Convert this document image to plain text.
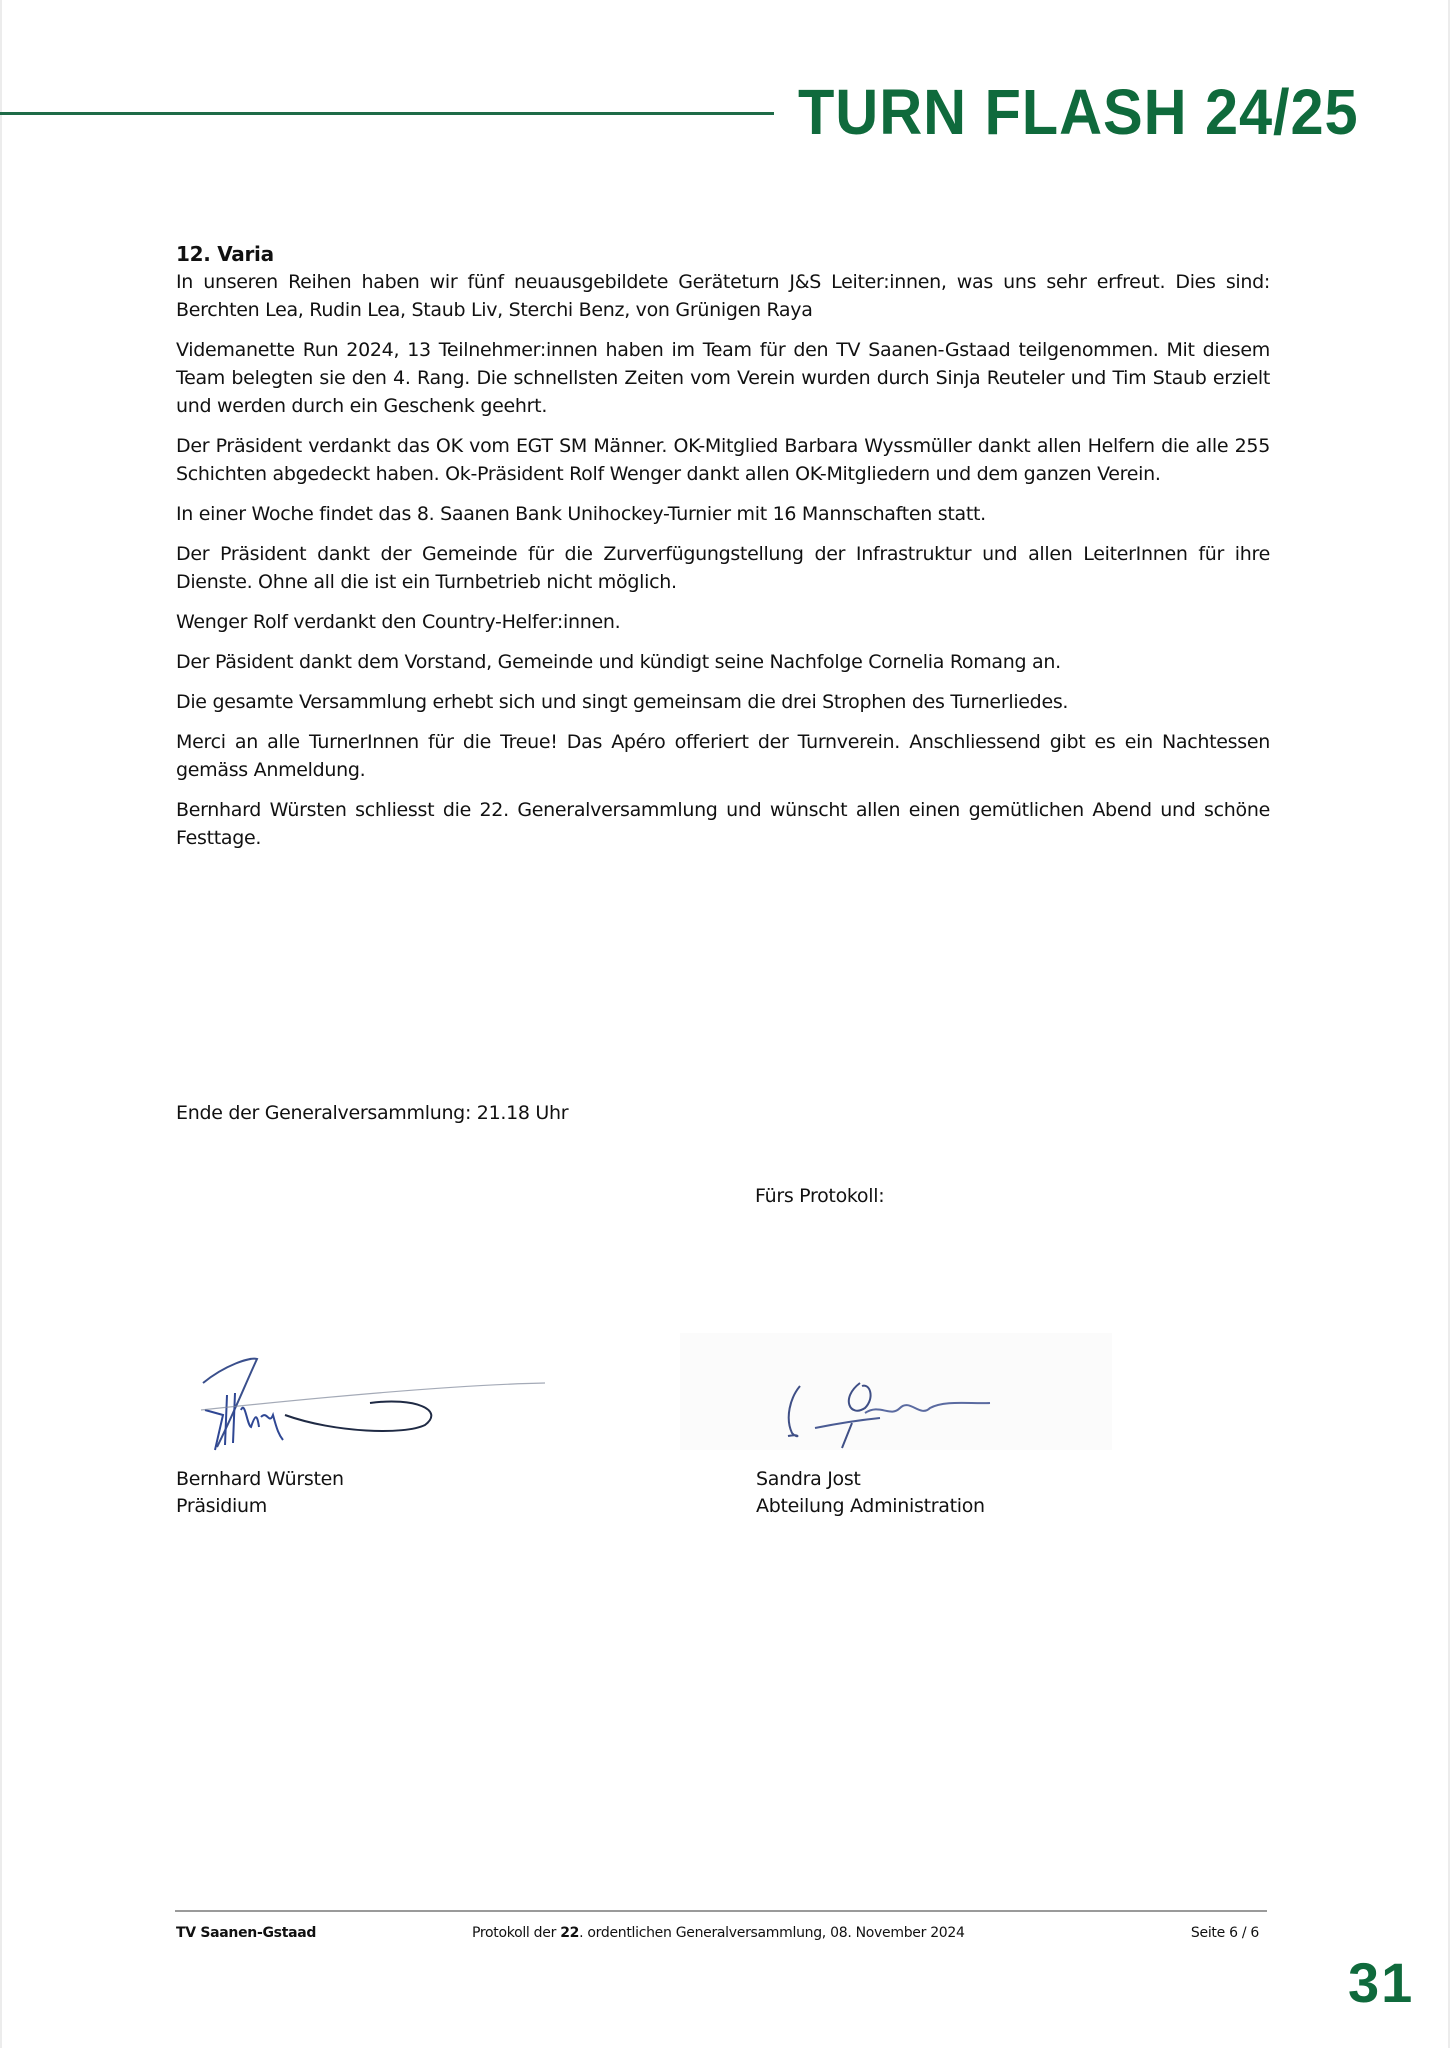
TURN FLASH 24/25

12. Varia

In unseren Reihen haben wir fünf neuausgebildete Geräteturn J&S Leiter:innen, was uns sehr erfreut. Dies sind: Berchten Lea, Rudin Lea, Staub Liv, Sterchi Benz, von Grünigen Raya

Videmanette Run 2024, 13 Teilnehmer:innen haben im Team für den TV Saanen-Gstaad teilgenommen. Mit diesem Team belegten sie den 4. Rang. Die schnellsten Zeiten vom Verein wurden durch Sinja Reuteler und Tim Staub erzielt und werden durch ein Geschenk geehrt.

Der Präsident verdankt das OK vom EGT SM Männer. OK-Mitglied Barbara Wyssmüller dankt allen Helfern die alle 255 Schichten abgedeckt haben. Ok-Präsident Rolf Wenger dankt allen OK-Mitgliedern und dem ganzen Verein.

In einer Woche findet das 8. Saanen Bank Unihockey-Turnier mit 16 Mannschaften statt.

Der Präsident dankt der Gemeinde für die Zurverfügungstellung der Infrastruktur und allen LeiterInnen für ihre Dienste. Ohne all die ist ein Turnbetrieb nicht möglich.

Wenger Rolf verdankt den Country-Helfer:innen.

Der Päsident dankt dem Vorstand, Gemeinde und kündigt seine Nachfolge Cornelia Romang an.

Die gesamte Versammlung erhebt sich und singt gemeinsam die drei Strophen des Turnerliedes.

Merci an alle TurnerInnen für die Treue! Das Apéro offeriert der Turnverein. Anschliessend gibt es ein Nachtessen gemäss Anmeldung.

Bernhard Würsten schliesst die 22. Generalversammlung und wünscht allen einen gemütlichen Abend und schöne Festtage.

Ende der Generalversammlung: 21.18 Uhr
Fürs Protokoll:
Bernhard Würsten
Präsidium
Sandra Jost
Abteilung Administration
TV Saanen-Gstaad	Protokoll der 22. ordentlichen Generalversammlung, 08. November 2024	Seite 6 / 6
31
